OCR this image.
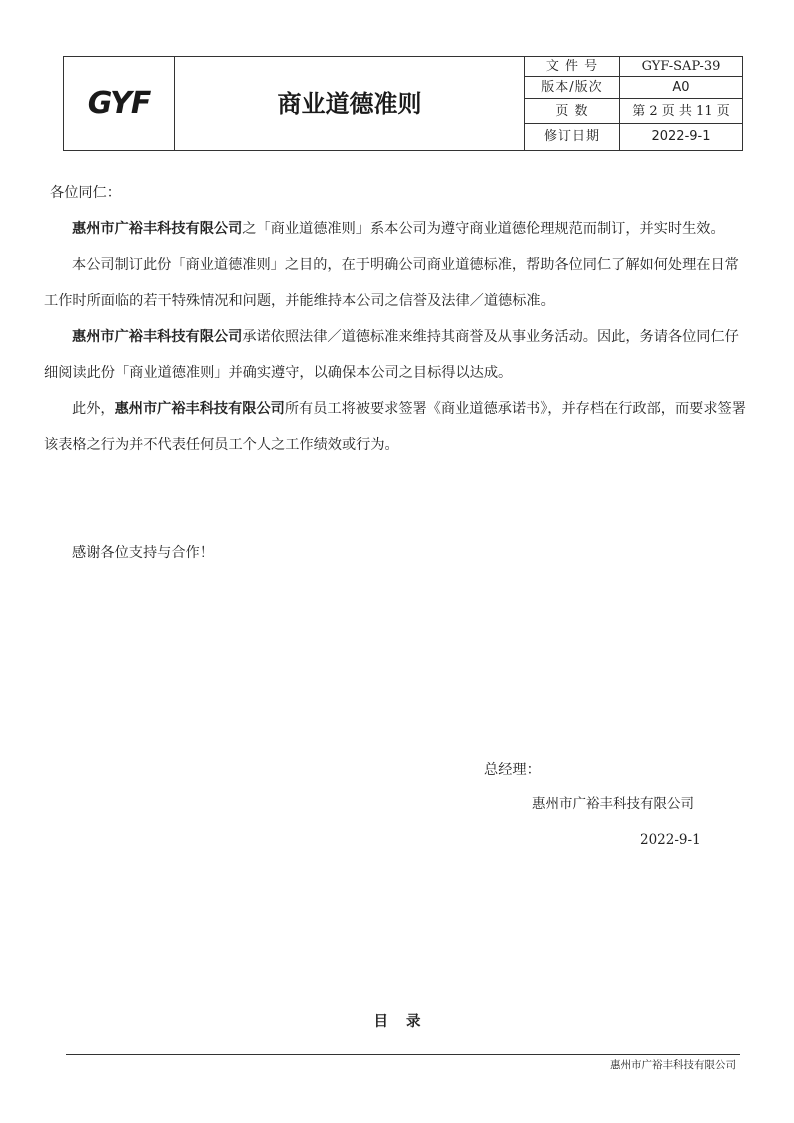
GYF	商业道德准则	文 件 号	GYF-SAP-39
		版本/版次	A0
		页 数	第 2 页 共 11 页
		修订日期	2022-9-1
各位同仁：

惠州市广裕丰科技有限公司之「商业道德准则」系本公司为遵守商业道德伦理规范而制订，并实时生效。

本公司制订此份「商业道德准则」之目的，在于明确公司商业道德标准，帮助各位同仁了解如何处理在日常工作时所面临的若干特殊情况和问题，并能维持本公司之信誉及法律／道德标准。

惠州市广裕丰科技有限公司承诺依照法律／道德标准来维持其商誉及从事业务活动。因此，务请各位同仁仔细阅读此份「商业道德准则」并确实遵守，以确保本公司之目标得以达成。

此外，惠州市广裕丰科技有限公司所有员工将被要求签署《商业道德承诺书》，并存档在行政部，而要求签署该表格之行为并不代表任何员工个人之工作绩效或行为。

感谢各位支持与合作！
总经理：
惠州市广裕丰科技有限公司
2022-9-1
目录
惠州市广裕丰科技有限公司
